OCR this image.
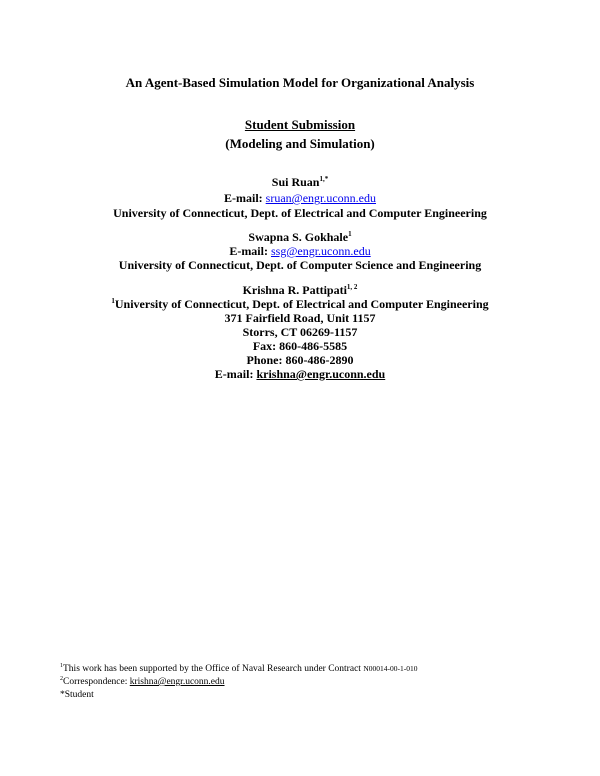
An Agent-Based Simulation Model for Organizational Analysis
Student Submission
(Modeling and Simulation)
Sui Ruan$^{1,*}$
E-mail: sruan@engr.uconn.edu
University of Connecticut, Dept. of Electrical and Computer Engineering
Swapna S. Gokhale$^1$
E-mail: ssg@engr.uconn.edu
University of Connecticut, Dept. of Computer Science and Engineering
Krishna R. Pattipati$^{1, 2}$
$^1$University of Connecticut, Dept. of Electrical and Computer Engineering
371 Fairfield Road, Unit 1157
Storrs, CT 06269-1157
Fax: 860-486-5585
Phone: 860-486-2890
E-mail: krishna@engr.uconn.edu
$^1$This work has been supported by the Office of Naval Research under Contract N00014-00-1-010
$^2$Correspondence: krishna@engr.uconn.edu
*Student
